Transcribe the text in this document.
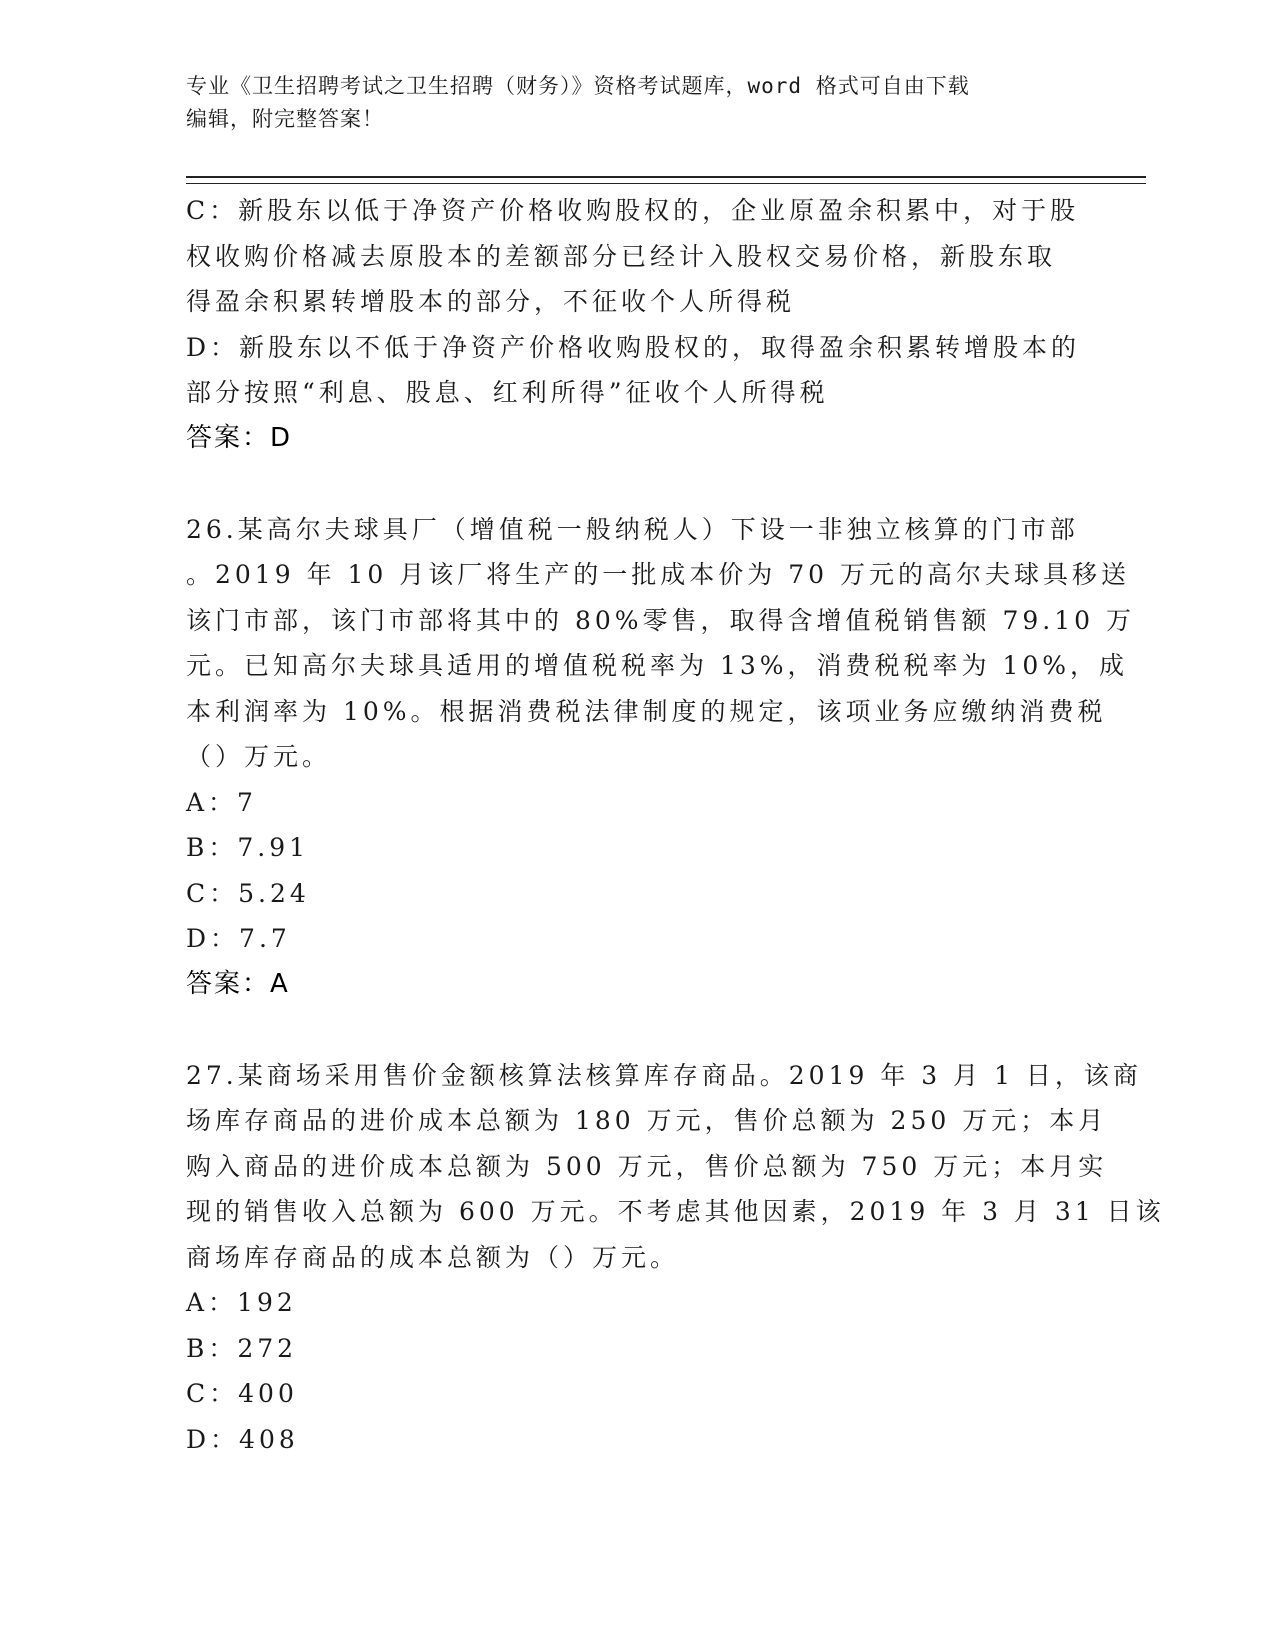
专业《卫生招聘考试之卫生招聘（财务）》资格考试题库，word 格式可自由下载
编辑，附完整答案！
C：新股东以低于净资产价格收购股权的，企业原盈余积累中，对于股
权收购价格减去原股本的差额部分已经计入股权交易价格，新股东取
得盈余积累转增股本的部分，不征收个人所得税
D：新股东以不低于净资产价格收购股权的，取得盈余积累转增股本的
部分按照“利息、股息、红利所得”征收个人所得税
答案：D
26.某高尔夫球具厂（增值税一般纳税人）下设一非独立核算的门市部
。2019 年 10 月该厂将生产的一批成本价为 70 万元的高尔夫球具移送
该门市部，该门市部将其中的 80%零售，取得含增值税销售额 79.10 万
元。已知高尔夫球具适用的增值税税率为 13%，消费税税率为 10%，成
本利润率为 10%。根据消费税法律制度的规定，该项业务应缴纳消费税
（）万元。
A：7
B：7.91
C：5.24
D：7.7
答案：A
27.某商场采用售价金额核算法核算库存商品。2019 年 3 月 1 日，该商
场库存商品的进价成本总额为 180 万元，售价总额为 250 万元；本月
购入商品的进价成本总额为 500 万元，售价总额为 750 万元；本月实
现的销售收入总额为 600 万元。不考虑其他因素，2019 年 3 月 31 日该
商场库存商品的成本总额为（）万元。
A：192
B：272
C：400
D：408
